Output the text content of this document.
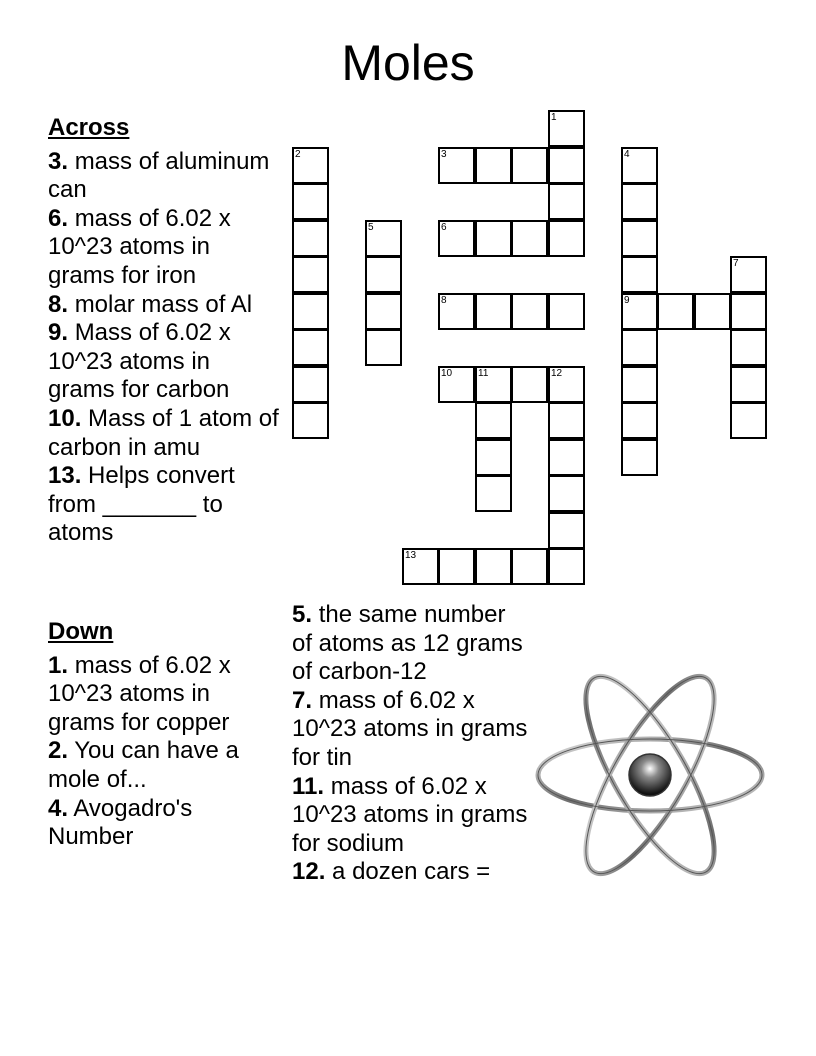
Moles
Across
3. mass of aluminum can
6. mass of 6.02 x 10^23 atoms in grams for iron
8. molar mass of Al
9. Mass of 6.02 x 10^23 atoms in grams for carbon
10. Mass of 1 atom of carbon in amu
13. Helps convert from _______ to atoms
Down
1. mass of 6.02 x 10^23 atoms in grams for copper
2. You can have a mole of...
4. Avogadro's Number
5. the same number of atoms as 12 grams of carbon-12
7. mass of 6.02 x 10^23 atoms in grams for tin
11. mass of 6.02 x 10^23 atoms in grams for sodium
12. a dozen cars =
1
2	3	4
9
5	6
7
8
10	11	12
13
